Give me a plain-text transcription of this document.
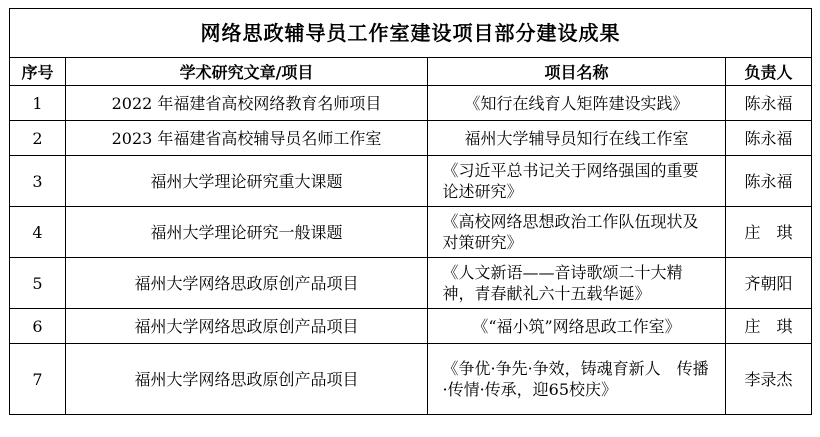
网络思政辅导员工作室建设项目部分建设成果			
序号	学术研究文章/项目	项目名称	负责人
1	2022 年福建省高校网络教育名师项目	《知行在线育人矩阵建设实践》	陈永福
2	2023 年福建省高校辅导员名师工作室	福州大学辅导员知行在线工作室	陈永福
3	福州大学理论研究重大课题	《习近平总书记关于网络强国的重要论述研究》	陈永福
4	福州大学理论研究一般课题	《高校网络思想政治工作队伍现状及对策研究》	庄　琪
5	福州大学网络思政原创产品项目	《人文新语——音诗歌颂二十大精神，青春献礼六十五载华诞》	齐朝阳
6	福州大学网络思政原创产品项目	《“福小筑”网络思政工作室》	庄　琪
7	福州大学网络思政原创产品项目	《争优·争先·争效，铸魂育新人　传播·传情·传承，迎65校庆》	李录杰
